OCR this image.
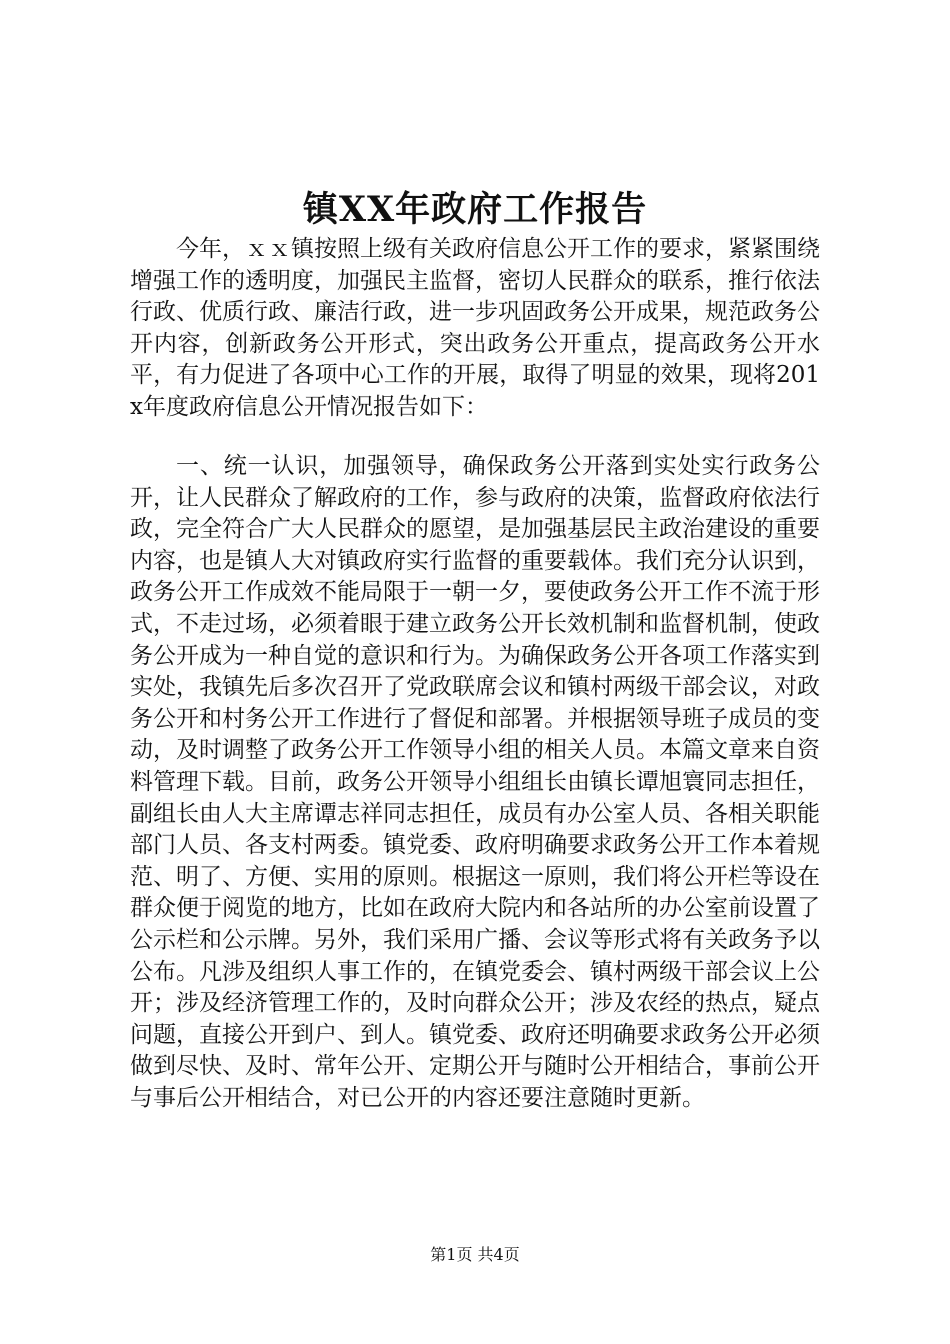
镇XX年政府工作报告

今年，ｘｘ镇按照上级有关政府信息公开工作的要求，紧紧围绕增强工作的透明度，加强民主监督，密切人民群众的联系，推行依法行政、优质行政、廉洁行政，进一步巩固政务公开成果，规范政务公开内容，创新政务公开形式，突出政务公开重点，提高政务公开水平，有力促进了各项中心工作的开展，取得了明显的效果，现将201x年度政府信息公开情况报告如下：

一、统一认识，加强领导，确保政务公开落到实处实行政务公开，让人民群众了解政府的工作，参与政府的决策，监督政府依法行政，完全符合广大人民群众的愿望，是加强基层民主政治建设的重要内容，也是镇人大对镇政府实行监督的重要载体。我们充分认识到，政务公开工作成效不能局限于一朝一夕，要使政务公开工作不流于形式，不走过场，必须着眼于建立政务公开长效机制和监督机制，使政务公开成为一种自觉的意识和行为。为确保政务公开各项工作落实到实处，我镇先后多次召开了党政联席会议和镇村两级干部会议，对政务公开和村务公开工作进行了督促和部署。并根据领导班子成员的变动，及时调整了政务公开工作领导小组的相关人员。本篇文章来自资料管理下载。目前，政务公开领导小组组长由镇长谭旭寰同志担任，副组长由人大主席谭志祥同志担任，成员有办公室人员、各相关职能部门人员、各支村两委。镇党委、政府明确要求政务公开工作本着规范、明了、方便、实用的原则。根据这一原则，我们将公开栏等设在群众便于阅览的地方，比如在政府大院内和各站所的办公室前设置了公示栏和公示牌。另外，我们采用广播、会议等形式将有关政务予以公布。凡涉及组织人事工作的，在镇党委会、镇村两级干部会议上公开；涉及经济管理工作的，及时向群众公开；涉及农经的热点，疑点问题，直接公开到户、到人。镇党委、政府还明确要求政务公开必须做到尽快、及时、常年公开、定期公开与随时公开相结合，事前公开与事后公开相结合，对已公开的内容还要注意随时更新。

第1页 共4页
